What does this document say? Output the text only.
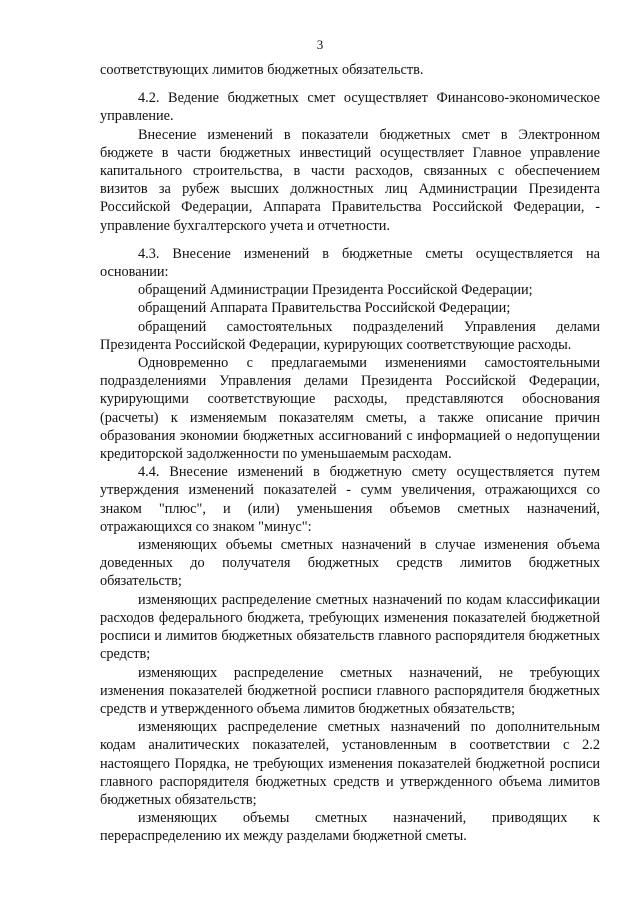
3

соответствующих лимитов бюджетных обязательств.

4.2. Ведение бюджетных смет осуществляет Финансово-экономическое управление.

Внесение изменений в показатели бюджетных смет в Электронном бюджете в части бюджетных инвестиций осуществляет Главное управление капитального строительства, в части расходов, связанных с обеспечением визитов за рубеж высших должностных лиц Администрации Президента Российской Федерации, Аппарата Правительства Российской Федерации, - управление бухгалтерского учета и отчетности.

4.3. Внесение изменений в бюджетные сметы осуществляется на основании:

обращений Администрации Президента Российской Федерации;

обращений Аппарата Правительства Российской Федерации;

обращений самостоятельных подразделений Управления делами Президента Российской Федерации, курирующих соответствующие расходы.

Одновременно с предлагаемыми изменениями самостоятельными подразделениями Управления делами Президента Российской Федерации, курирующими соответствующие расходы, представляются обоснования (расчеты) к изменяемым показателям сметы, а также описание причин образования экономии бюджетных ассигнований с информацией о недопущении кредиторской задолженности по уменьшаемым расходам.

4.4. Внесение изменений в бюджетную смету осуществляется путем утверждения изменений показателей - сумм увеличения, отражающихся со знаком "плюс", и (или) уменьшения объемов сметных назначений, отражающихся со знаком "минус":

изменяющих объемы сметных назначений в случае изменения объема доведенных до получателя бюджетных средств лимитов бюджетных обязательств;

изменяющих распределение сметных назначений по кодам классификации расходов федерального бюджета, требующих изменения показателей бюджетной росписи и лимитов бюджетных обязательств главного распорядителя бюджетных средств;

изменяющих распределение сметных назначений, не требующих изменения показателей бюджетной росписи главного распорядителя бюджетных средств и утвержденного объема лимитов бюджетных обязательств;

изменяющих распределение сметных назначений по дополнительным кодам аналитических показателей, установленным в соответствии с 2.2 настоящего Порядка, не требующих изменения показателей бюджетной росписи главного распорядителя бюджетных средств и утвержденного объема лимитов бюджетных обязательств;

изменяющих объемы сметных назначений, приводящих к перераспределению их между разделами бюджетной сметы.
